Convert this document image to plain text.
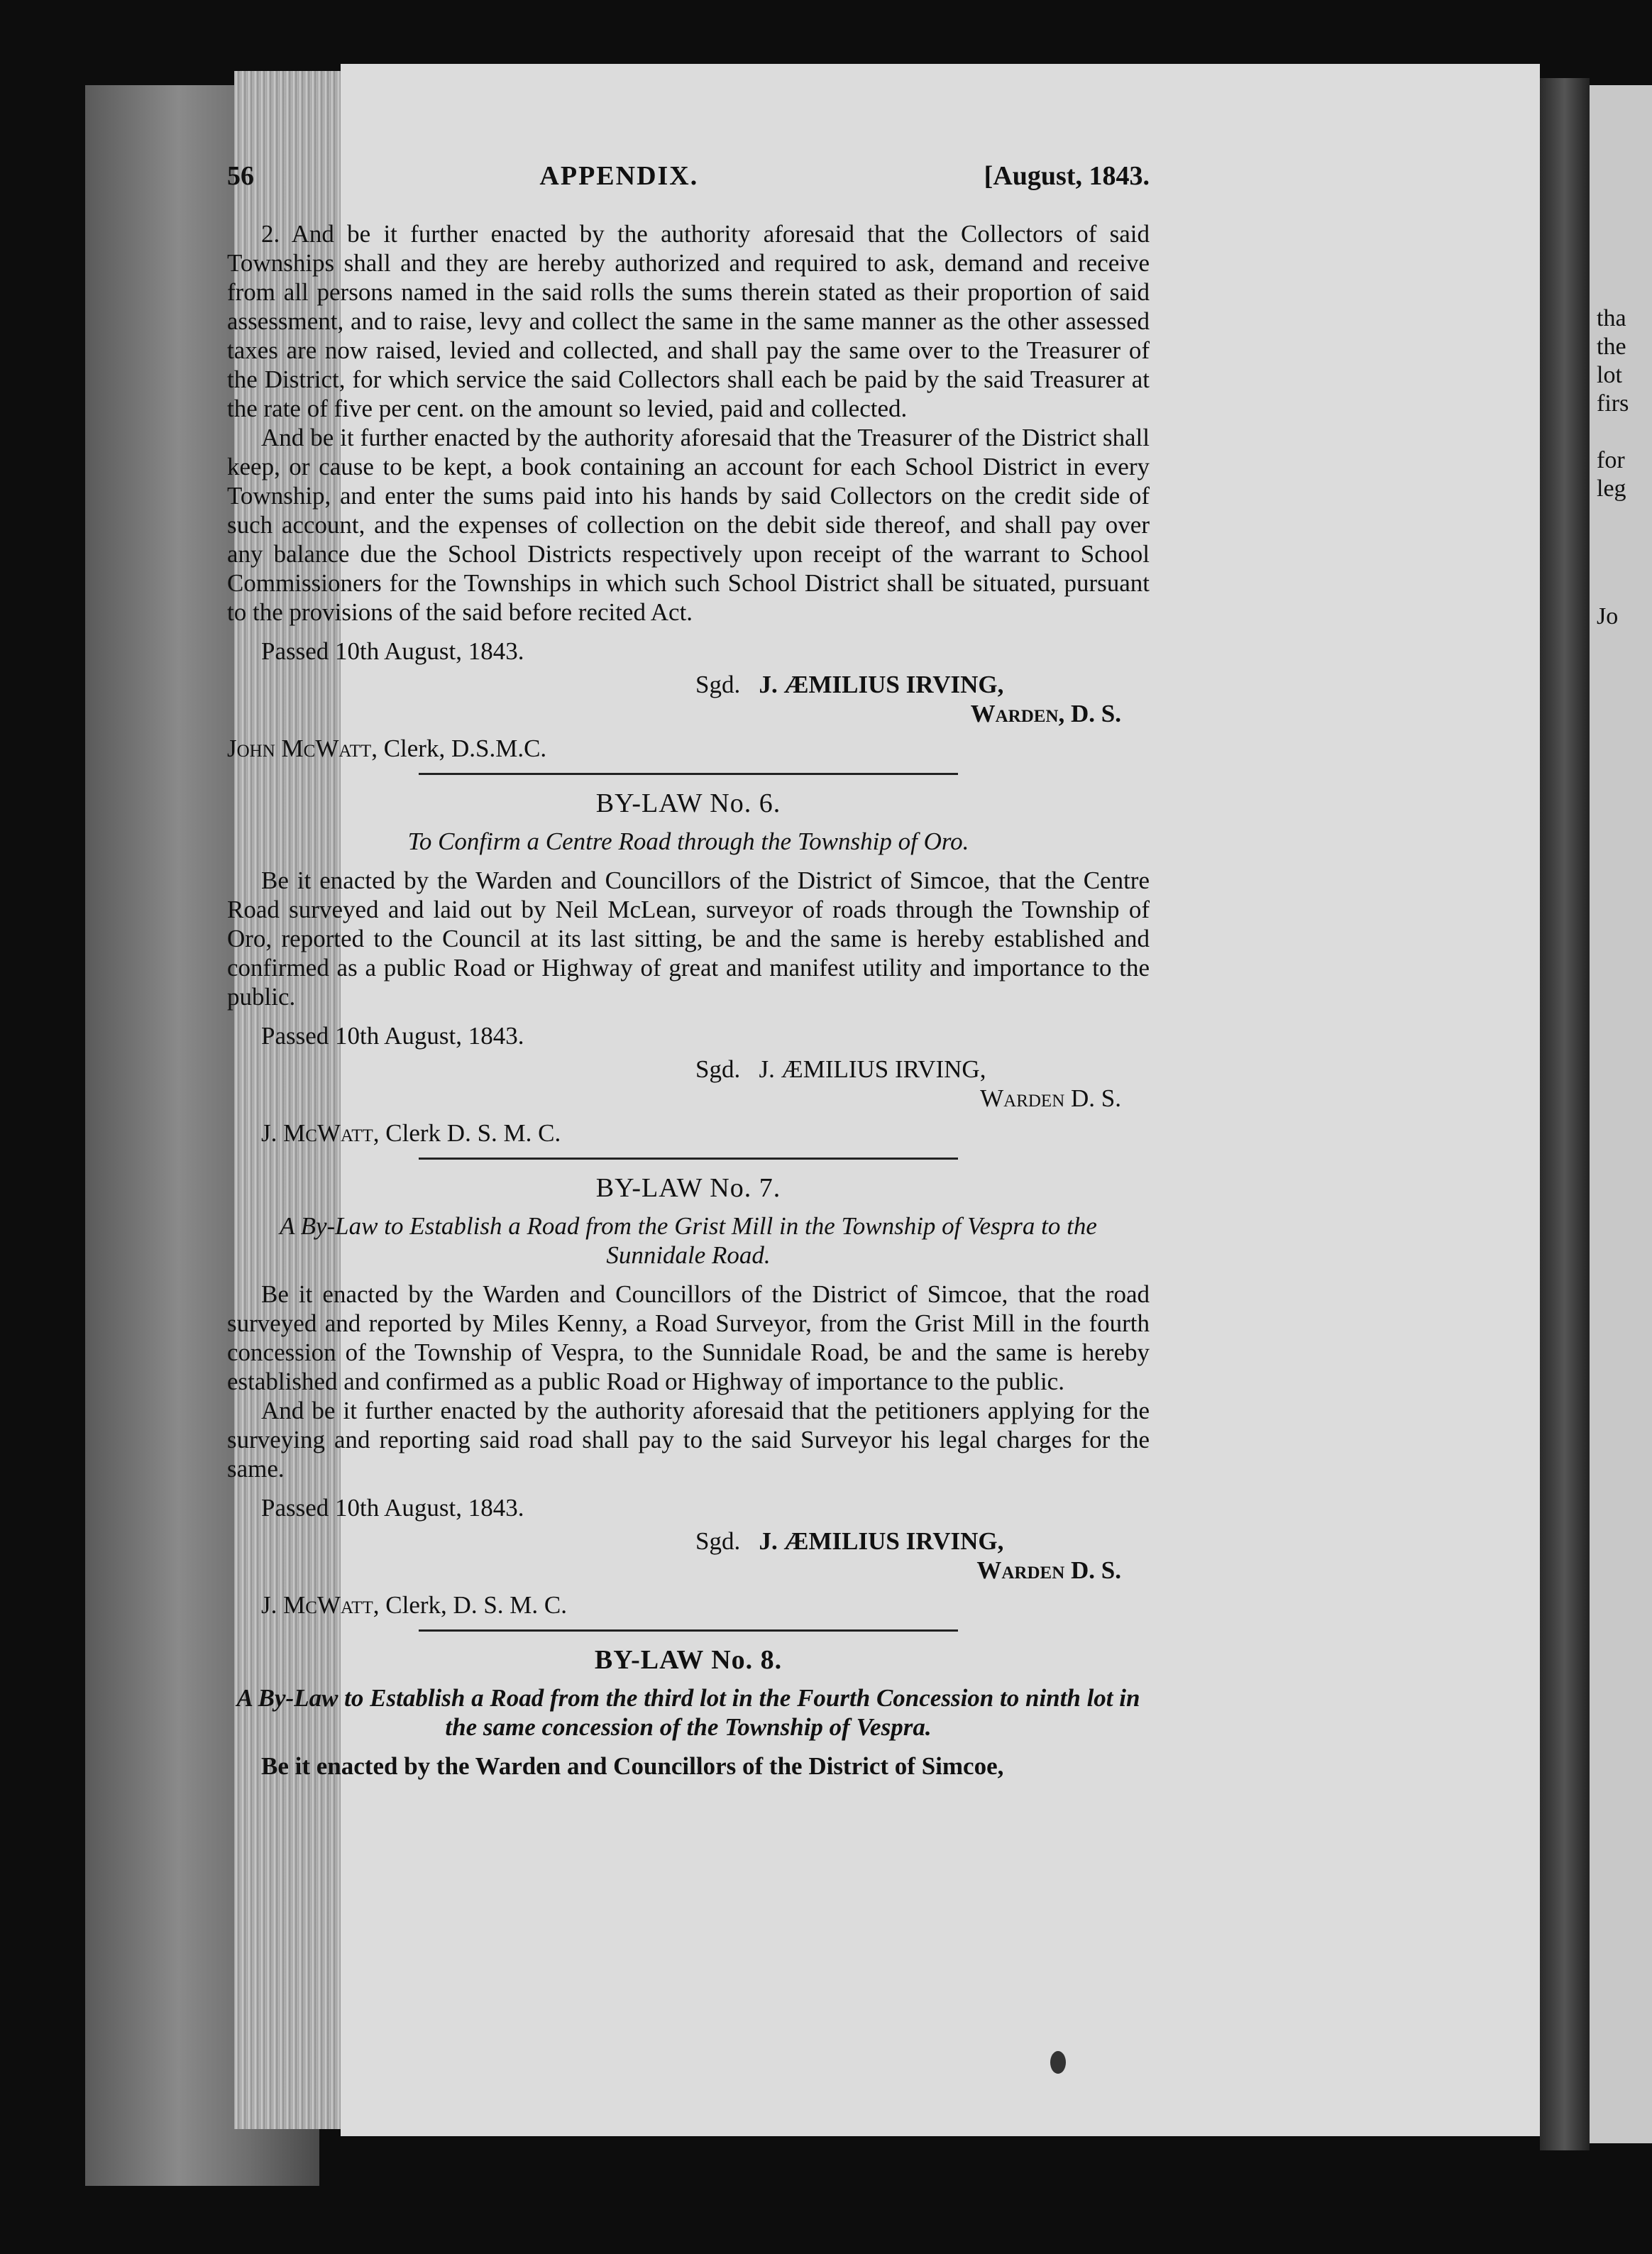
tha
the
lot
firs
for
leg
Jo
56	APPENDIX.	[August, 1843.

2. And be it further enacted by the authority aforesaid that the Collectors of said Townships shall and they are hereby authorized and required to ask, demand and receive from all persons named in the said rolls the sums therein stated as their proportion of said assessment, and to raise, levy and collect the same in the same manner as the other assessed taxes are now raised, levied and collected, and shall pay the same over to the Treasurer of the District, for which service the said Collectors shall each be paid by the said Treasurer at the rate of five per cent. on the amount so levied, paid and collected.

And be it further enacted by the authority aforesaid that the Treasurer of the District shall keep, or cause to be kept, a book containing an account for each School District in every Township, and enter the sums paid into his hands by said Collectors on the credit side of such account, and the expenses of collection on the debit side thereof, and shall pay over any balance due the School Districts respectively upon receipt of the warrant to School Commissioners for the Townships in which such School District shall be situated, pursuant to the provisions of the said before recited Act.

Passed 10th August, 1843.

Sgd. J. ÆMILIUS IRVING,
Warden, D. S.
John McWatt, Clerk, D.S.M.C.
BY-LAW No. 6.
To Confirm a Centre Road through the Township of Oro.

Be it enacted by the Warden and Councillors of the District of Simcoe, that the Centre Road surveyed and laid out by Neil McLean, surveyor of roads through the Township of Oro, reported to the Council at its last sitting, be and the same is hereby established and confirmed as a public Road or Highway of great and manifest utility and importance to the public.

Passed 10th August, 1843.

Sgd. J. ÆMILIUS IRVING,
Warden D. S.
J. McWatt, Clerk D. S. M. C.
BY-LAW No. 7.
A By-Law to Establish a Road from the Grist Mill in the Township of Vespra to the Sunnidale Road.

Be it enacted by the Warden and Councillors of the District of Simcoe, that the road surveyed and reported by Miles Kenny, a Road Surveyor, from the Grist Mill in the fourth concession of the Township of Vespra, to the Sunnidale Road, be and the same is hereby established and confirmed as a public Road or Highway of importance to the public.

And be it further enacted by the authority aforesaid that the petitioners applying for the surveying and reporting said road shall pay to the said Surveyor his legal charges for the same.

Passed 10th August, 1843.

Sgd. J. ÆMILIUS IRVING,
Warden D. S.
J. McWatt, Clerk, D. S. M. C.
BY-LAW No. 8.
A By-Law to Establish a Road from the third lot in the Fourth Concession to ninth lot in the same concession of the Township of Vespra.

Be it enacted by the Warden and Councillors of the District of Simcoe,
